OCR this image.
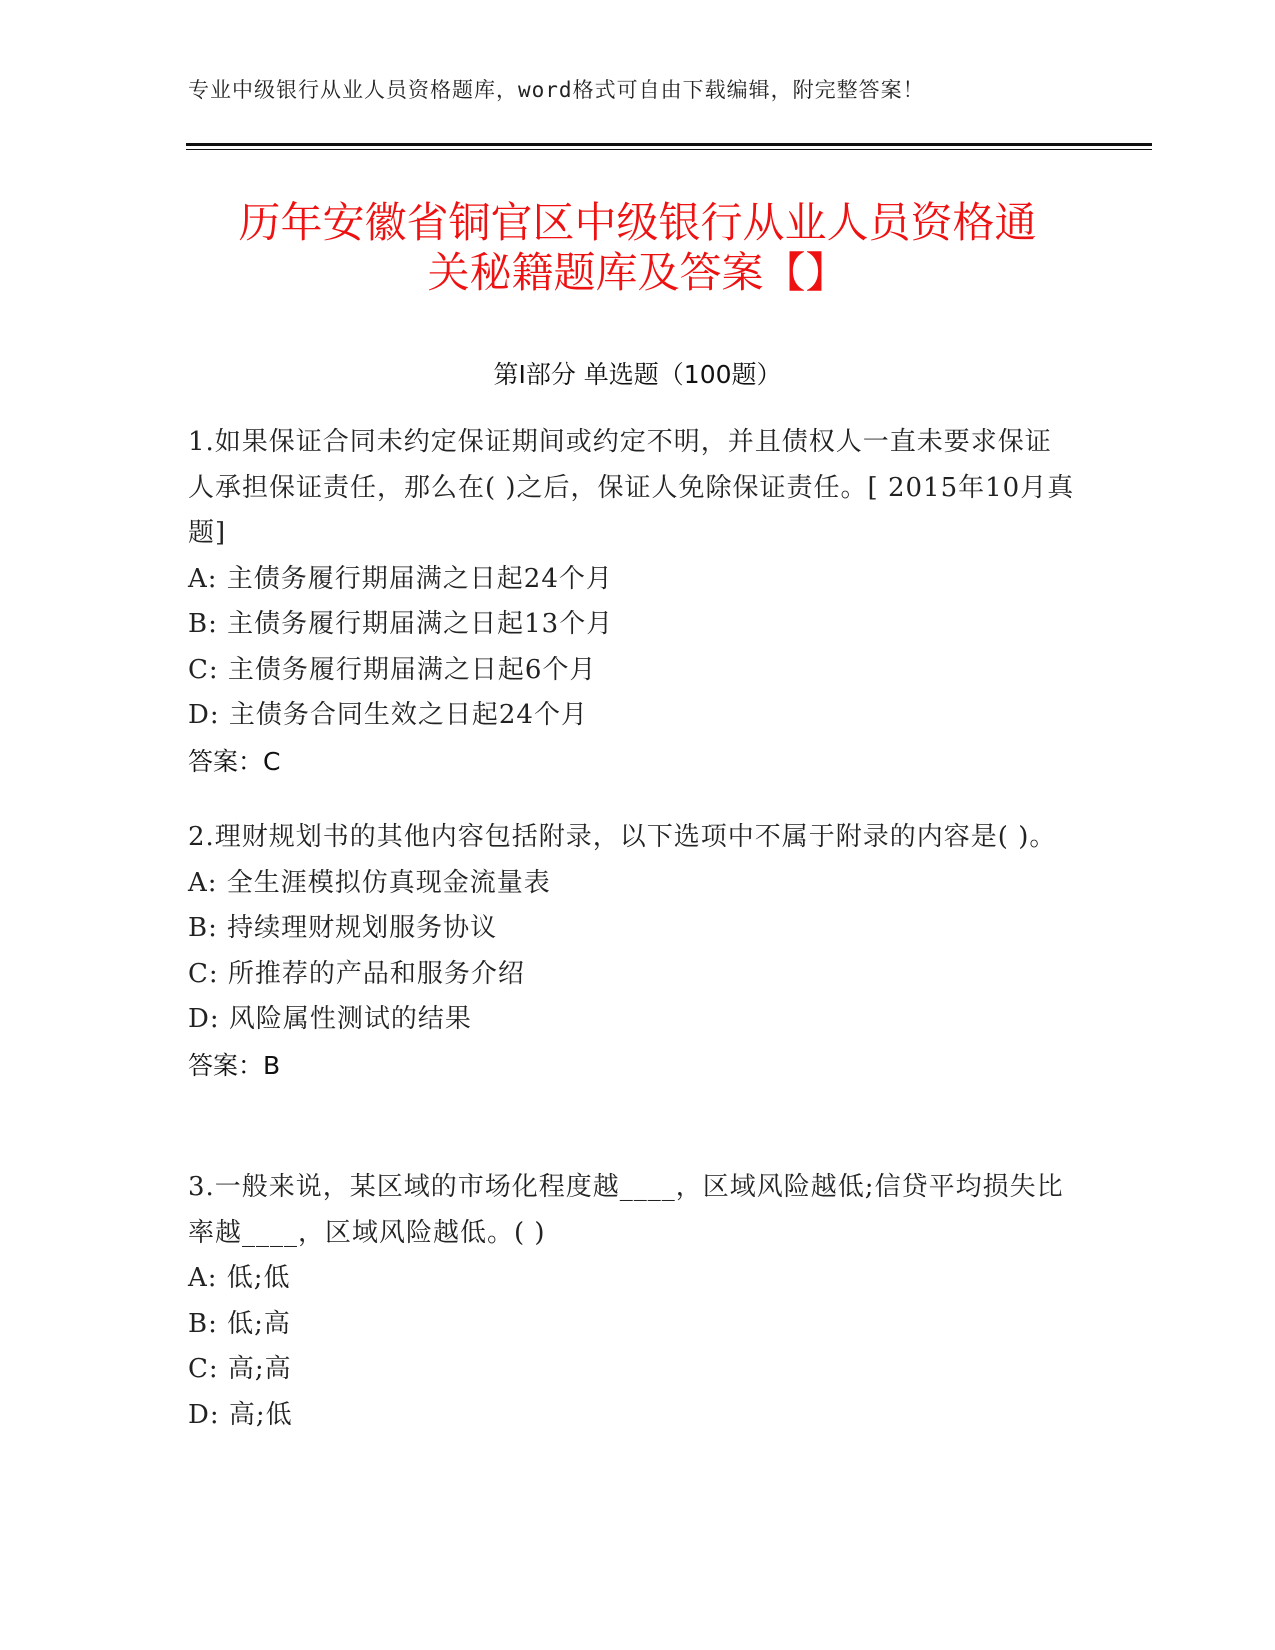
专业中级银行从业人员资格题库，word格式可自由下载编辑，附完整答案！
历年安徽省铜官区中级银行从业人员资格通
关秘籍题库及答案【】
第Ⅰ部分 单选题（100题）
1.如果保证合同未约定保证期间或约定不明，并且债权人一直未要求保证人承担保证责任，那么在( )之后，保证人免除保证责任。[ 2015年10月真题]
A: 主债务履行期届满之日起24个月
B: 主债务履行期届满之日起13个月
C: 主债务履行期届满之日起6个月
D: 主债务合同生效之日起24个月
答案：C
2.理财规划书的其他内容包括附录，以下选项中不属于附录的内容是( )。
A: 全生涯模拟仿真现金流量表
B: 持续理财规划服务协议
C: 所推荐的产品和服务介绍
D: 风险属性测试的结果
答案：B
3.一般来说，某区域的市场化程度越____，区域风险越低;信贷平均损失比率越____，区域风险越低。( )
A: 低;低
B: 低;高
C: 高;高
D: 高;低
